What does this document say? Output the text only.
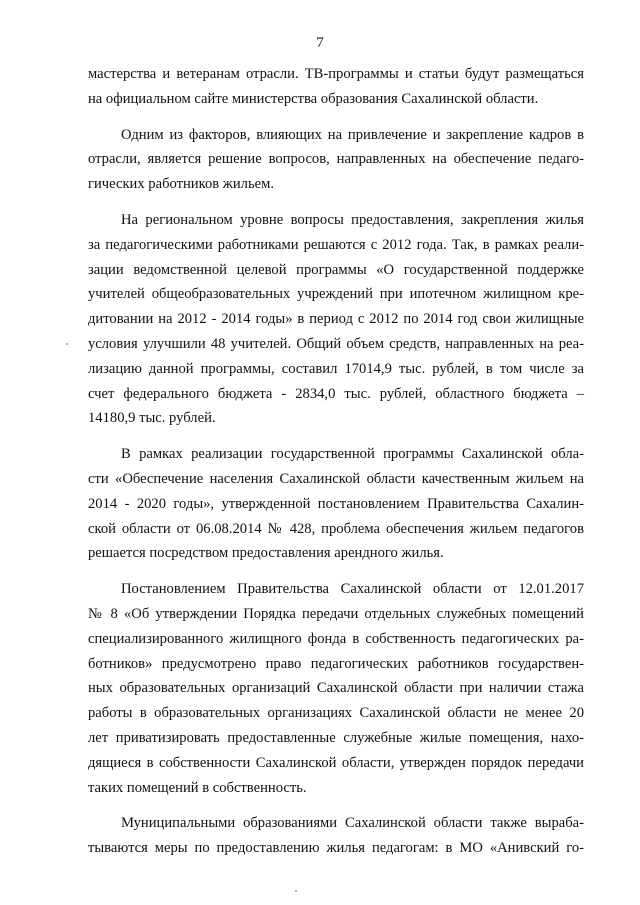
7
мастерства и ветеранам отрасли. ТВ-программы и статьи будут размещаться
на официальном сайте министерства образования Сахалинской области.
Одним из факторов, влияющих на привлечение и закрепление кадров в
отрасли, является решение вопросов, направленных на обеспечение педаго-
гических работников жильем.
На региональном уровне вопросы предоставления, закрепления жилья
за педагогическими работниками решаются с 2012 года. Так, в рамках реали-
зации ведомственной целевой программы «О государственной поддержке
учителей общеобразовательных учреждений при ипотечном жилищном кре-
дитовании на 2012 - 2014 годы» в период с 2012 по 2014 год свои жилищные
условия улучшили 48 учителей. Общий объем средств, направленных на реа-
лизацию данной программы, составил 17014,9 тыс. рублей, в том числе за
счет федерального бюджета - 2834,0 тыс. рублей, областного бюджета –
14180,9 тыс. рублей.
В рамках реализации государственной программы Сахалинской обла-
сти «Обеспечение населения Сахалинской области качественным жильем на
2014 - 2020 годы», утвержденной постановлением Правительства Сахалин-
ской области от 06.08.2014 № 428, проблема обеспечения жильем педагогов
решается посредством предоставления арендного жилья.
Постановлением Правительства Сахалинской области от 12.01.2017
№ 8 «Об утверждении Порядка передачи отдельных служебных помещений
специализированного жилищного фонда в собственность педагогических ра-
ботников» предусмотрено право педагогических работников государствен-
ных образовательных организаций Сахалинской области при наличии стажа
работы в образовательных организациях Сахалинской области не менее 20
лет приватизировать предоставленные служебные жилые помещения, нахо-
дящиеся в собственности Сахалинской области, утвержден порядок передачи
таких помещений в собственность.
Муниципальными образованиями Сахалинской области также выраба-
тываются меры по предоставлению жилья педагогам: в МО «Анивский го-
